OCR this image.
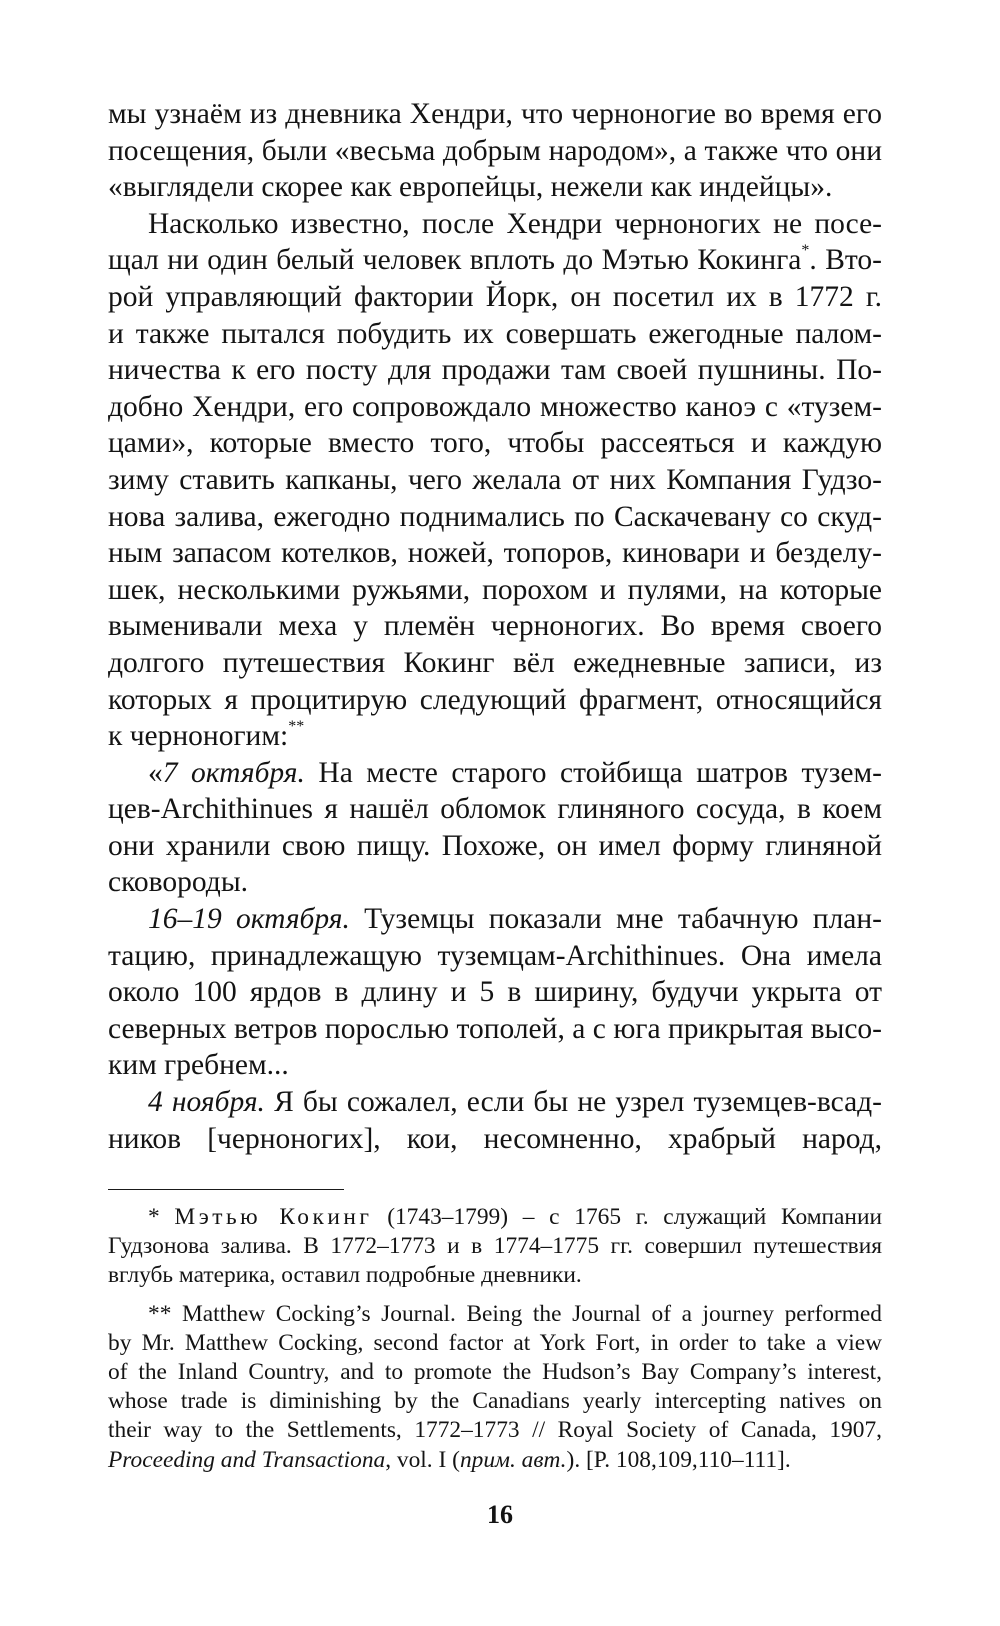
мы узнаём из дневника Хендри, что черноногие во время его
посещения, были «весьма добрым народом», а также что они

«выглядели скорее как европейцы, нежели как индейцы».

Насколько известно, после Хендри черноногих не посе-
щал ни один белый человек вплоть до Мэтью Кокинга*. Вто-
рой управляющий фактории Йорк, он посетил их в 1772 г.
и также пытался побудить их совершать ежегодные палом-
ничества к его посту для продажи там своей пушнины. По-
добно Хендри, его сопровождало множество каноэ с «тузем-
цами», которые вместо того, чтобы рассеяться и каждую
зиму ставить капканы, чего желала от них Компания Гудзо-
нова залива, ежегодно поднимались по Саскачевану со скуд-
ным запасом котелков, ножей, топоров, киновари и безделу-
шек, несколькими ружьями, порохом и пулями, на которые
выменивали меха у племён черноногих. Во время своего
долгого путешествия Кокинг вёл ежедневные записи, из
которых я процитирую следующий фрагмент, относящийся

к черноногим:**

«7 октября. На месте старого стойбища шатров тузем-
цев-Archithinues я нашёл обломок глиняного сосуда, в коем
они хранили свою пищу. Похоже, он имел форму глиняной

сковороды.

16–19 октября. Туземцы показали мне табачную план-
тацию, принадлежащую туземцам-Archithinues. Она имела
около 100 ярдов в длину и 5 в ширину, будучи укрыта от
северных ветров порослью тополей, а с юга прикрытая высо-

ким гребнем...

4 ноября. Я бы сожалел, если бы не узрел туземцев-всад-
ников [черноногих], кои, несомненно, храбрый народ,

* Мэтью Кокинг (1743–1799) – с 1765 г. служащий Компании
Гудзонова залива. В 1772–1773 и в 1774–1775 гг. совершил путешествия

вглубь материка, оставил подробные дневники.

** Matthew Cocking’s Journal. Being the Journal of a journey performed
by Mr. Matthew Cocking, second factor at York Fort, in order to take a view
of the Inland Country, and to promote the Hudson’s Bay Company’s interest,
whose trade is diminishing by the Canadians yearly intercepting natives on
their way to the Settlements, 1772–1773 // Royal Society of Canada, 1907,

Proceeding and Transactiona, vol. I (прим. авт.). [P. 108,109,110–111].

16
